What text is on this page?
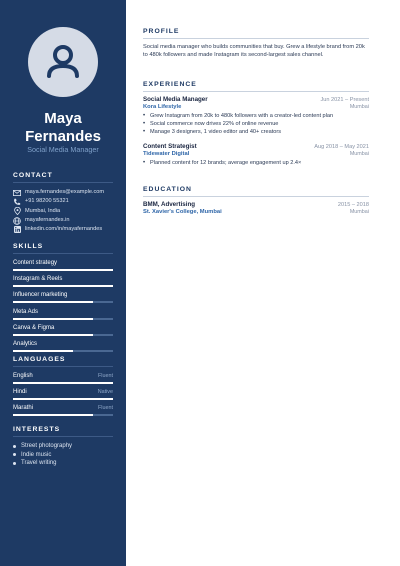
Maya
Fernandes
Social Media Manager
CONTACT
maya.fernandes@example.com
+91 98200 55321
Mumbai, India
mayafernandes.in
linkedin.com/in/mayafernandes
SKILLS
Content strategy
Instagram & Reels
Influencer marketing
Meta Ads
Canva & Figma
Analytics
LANGUAGES
English	Fluent
Hindi	Native
Marathi	Fluent
INTERESTS
Street photography
Indie music
Travel writing
PROFILE
Social media manager who builds communities that buy. Grew a lifestyle brand from 20k to 480k followers and made Instagram its second-largest sales channel.
EXPERIENCE
Social Media Manager	Jun 2021 – Present
Kora Lifestyle	Mumbai
• Grew Instagram from 20k to 480k followers with a creator-led content plan
• Social commerce now drives 22% of online revenue
• Manage 3 designers, 1 video editor and 40+ creators
Content Strategist	Aug 2018 – May 2021
Tidewater Digital	Mumbai
• Planned content for 12 brands; average engagement up 2.4×
EDUCATION
BMM, Advertising	2015 – 2018
St. Xavier's College, Mumbai	Mumbai
